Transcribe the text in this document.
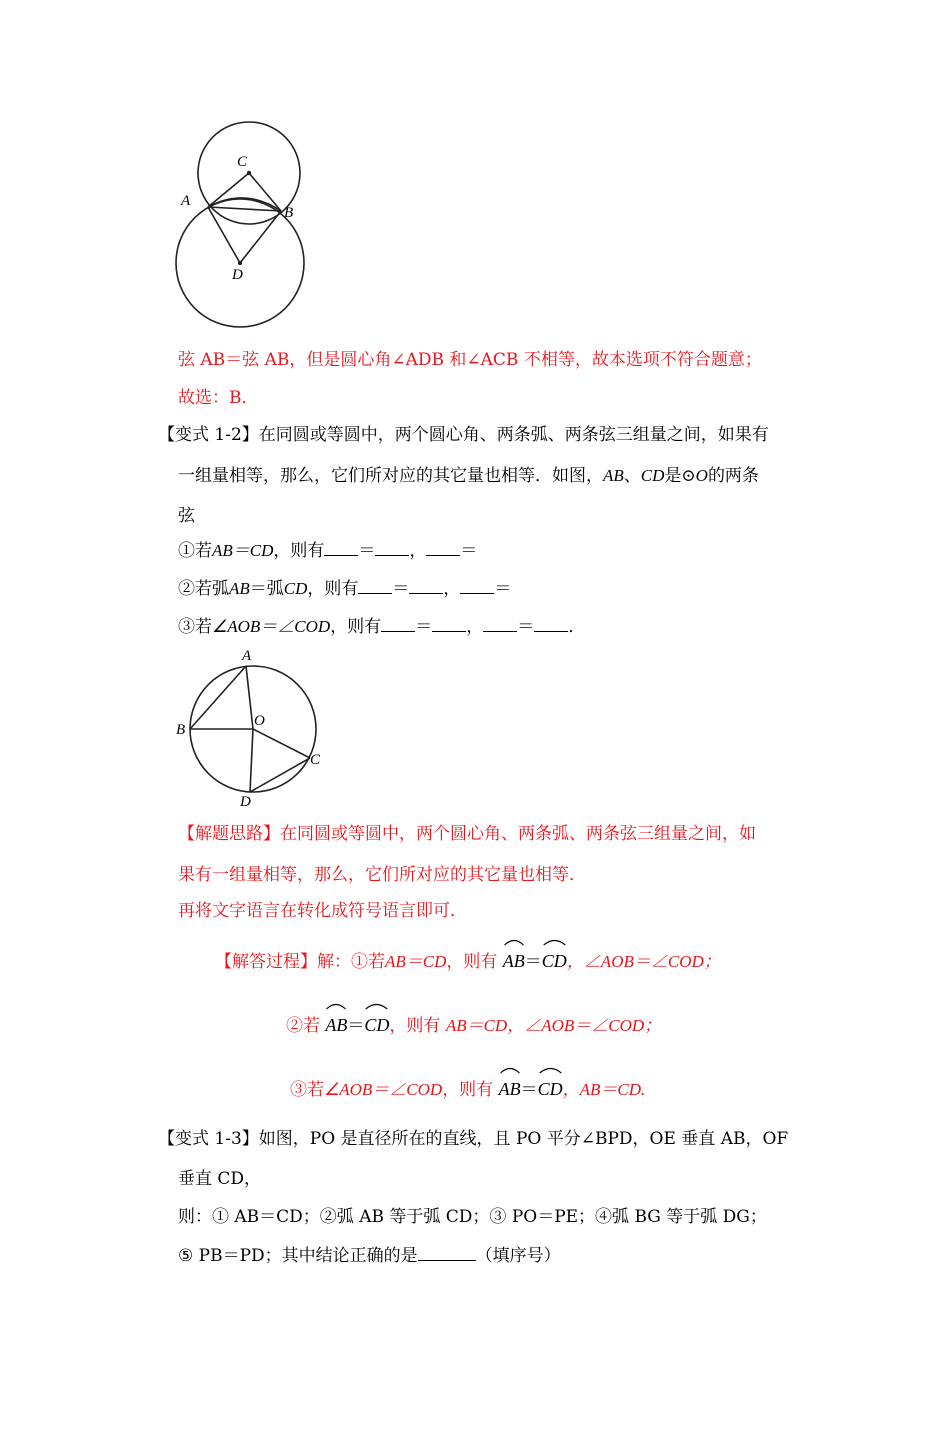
C
A
B
D
弦 AB＝弦 AB，但是圆心角∠ADB 和∠ACB 不相等，故本选项不符合题意；
故选：B．
【变式 1-2】在同圆或等圆中，两个圆心角、两条弧、两条弦三组量之间，如果有
一组量相等，那么，它们所对应的其它量也相等．如图，AB、CD是⊙O的两条
弦
①若AB＝CD，则有 ＝ ， ＝
②若弧AB＝弧CD，则有 ＝ ， ＝
③若∠AOB＝∠COD，则有 ＝ ， ＝ ．
A
B
O
C
D
【解题思路】在同圆或等圆中，两个圆心角、两条弧、两条弦三组量之间，如
果有一组量相等，那么，它们所对应的其它量也相等．
再将文字语言在转化成符号语言即可．
【解答过程】解：①若AB＝CD，则有 AB＝
CD，∠AOB＝∠COD；
②若 AB＝
CD，则有 AB＝CD，∠AOB＝∠COD；
③若∠AOB＝∠COD，则有 AB＝
CD，AB＝CD.
【变式 1-3】如图，PO 是直径所在的直线，且 PO 平分∠BPD，OE 垂直 AB，OF
垂直 CD，
则：① AB＝CD；②弧 AB 等于弧 CD；③ PO＝PE；④弧 BG 等于弧 DG；
⑤ PB＝PD；其中结论正确的是	（填序号）
